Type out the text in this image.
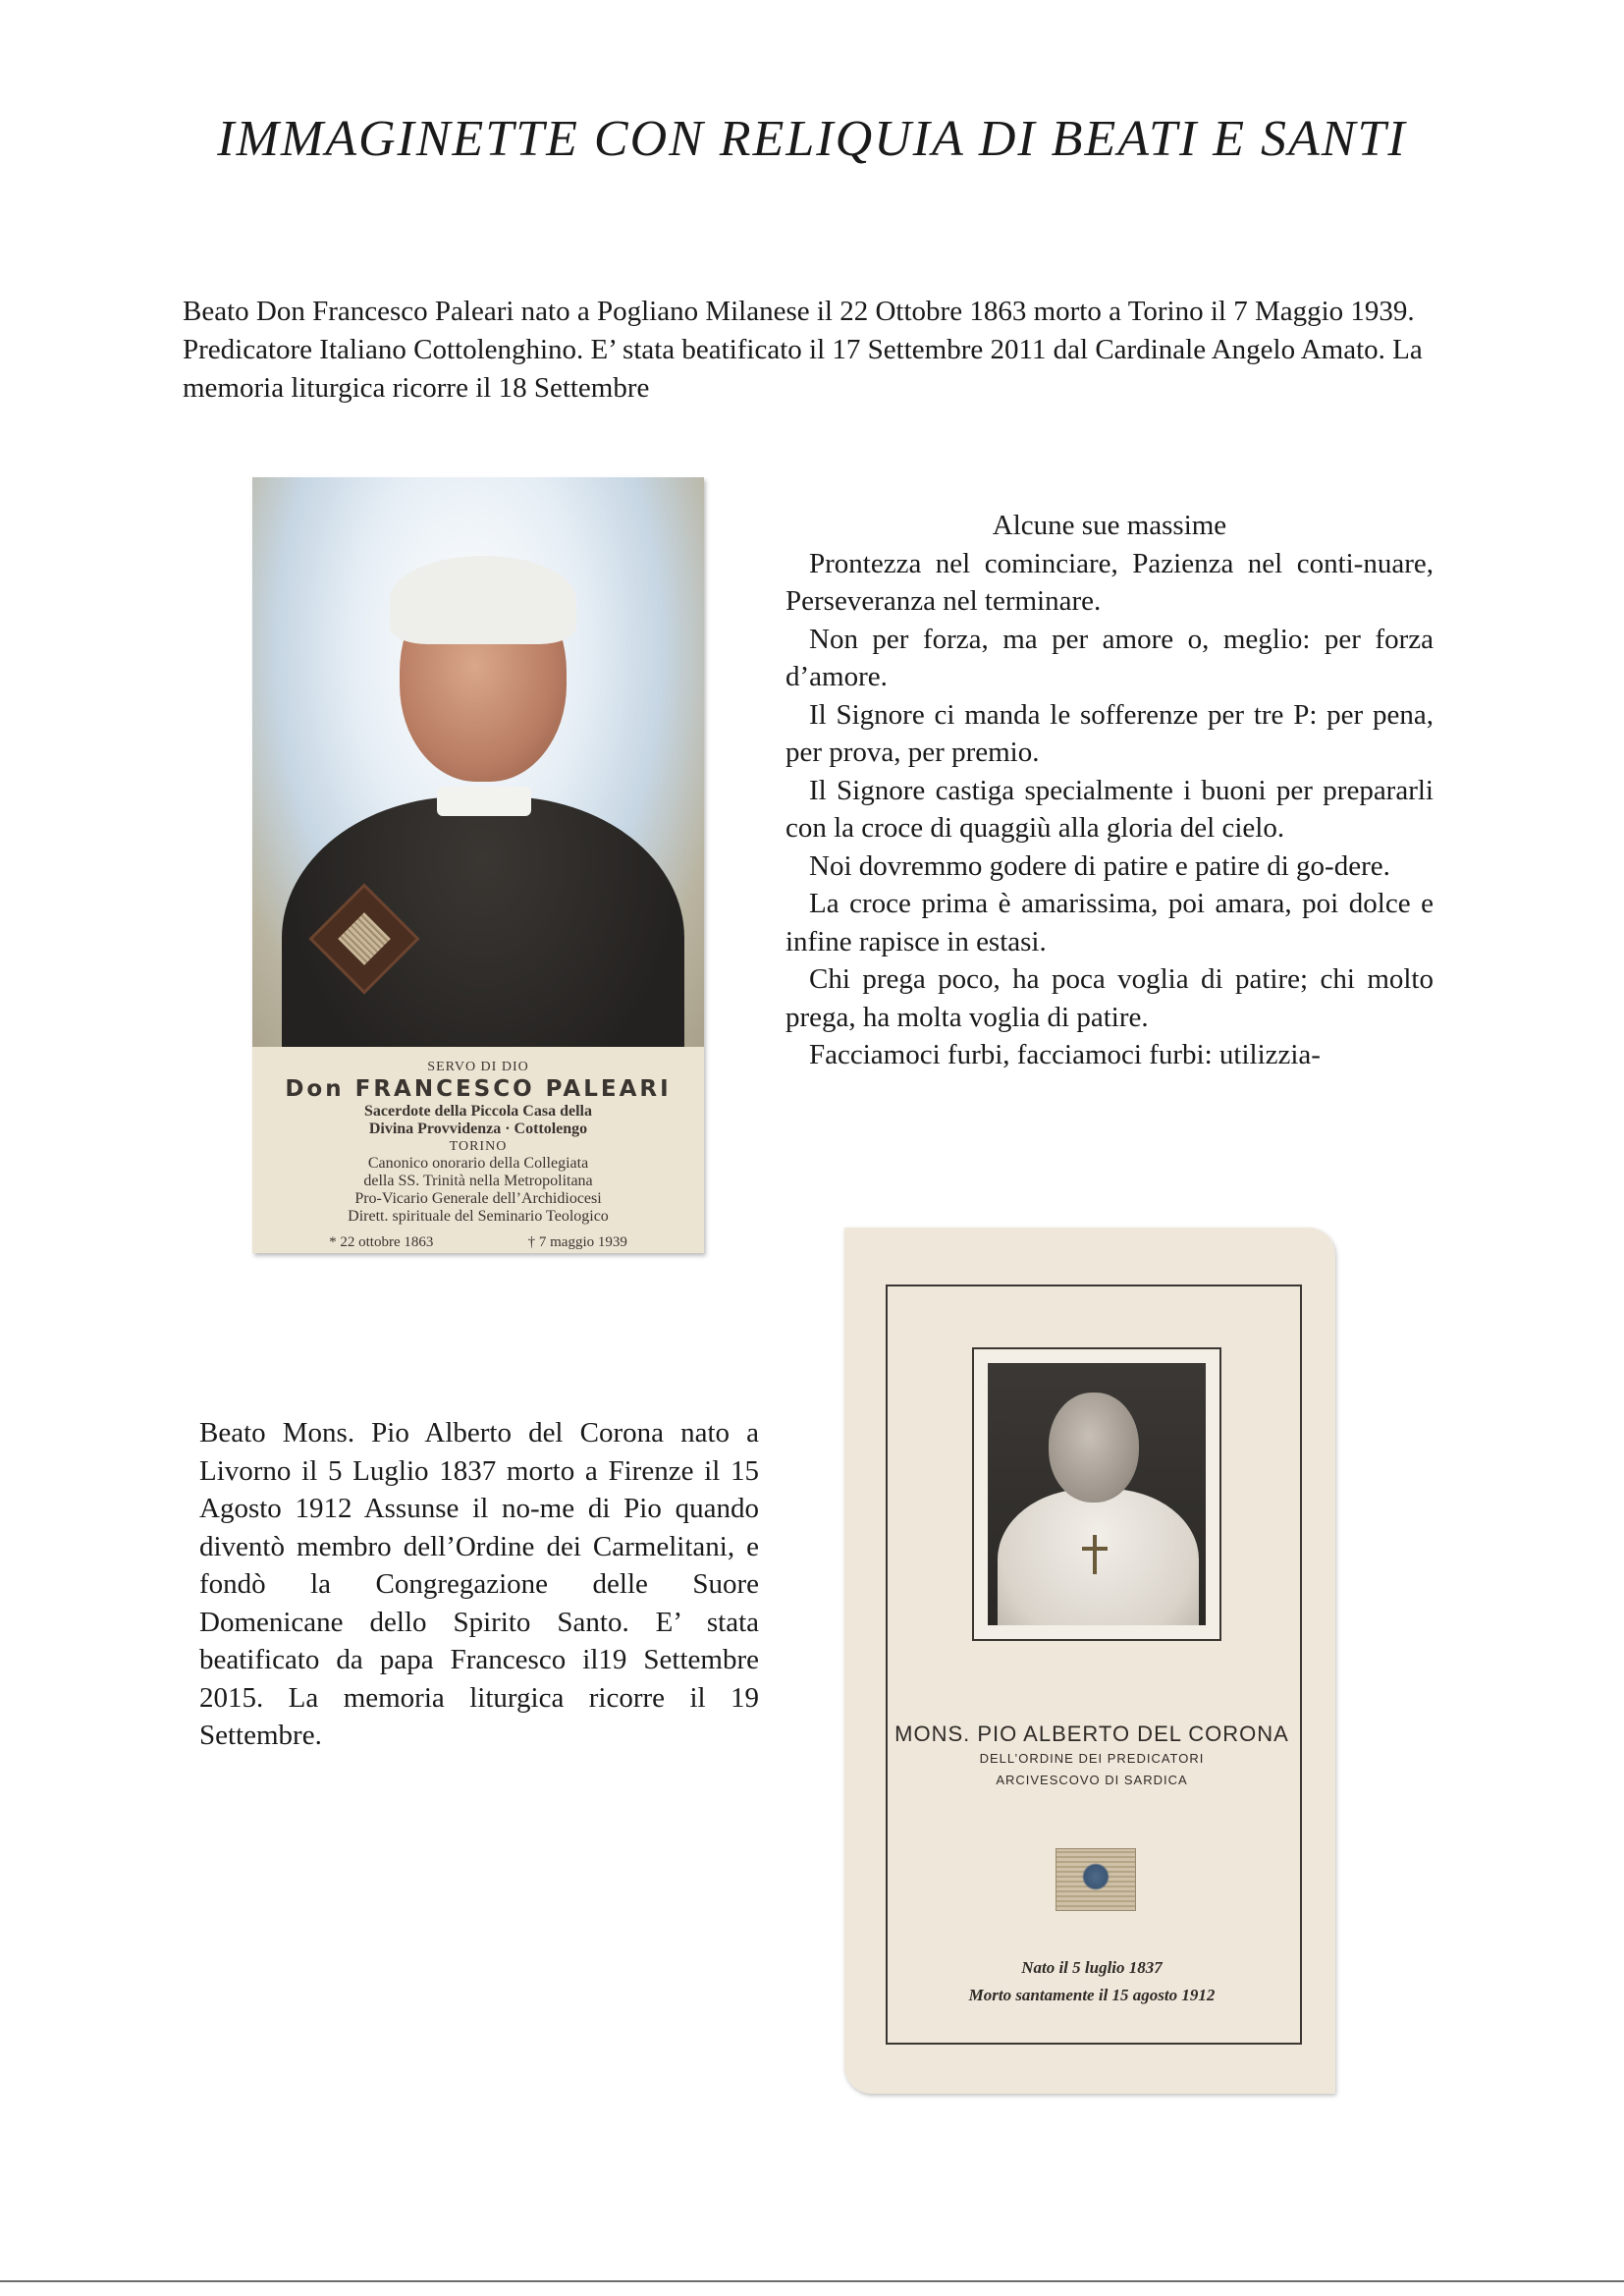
IMMAGINETTE CON RELIQUIA DI BEATI E SANTI

Beato Don Francesco Paleari nato a Pogliano Milanese il 22 Ottobre 1863 morto a Torino il 7 Maggio 1939. Predicatore Italiano Cottolenghino. E’ stata beatificato il 17 Settembre 2011 dal Cardinale Angelo Amato. La memoria liturgica ricorre il 18 Settembre

SERVO DI DIO
Don FRANCESCO PALEARI
Sacerdote della Piccola Casa della
Divina Provvidenza · Cottolengo
TORINO
Canonico onorario della Collegiata
della SS. Trinità nella Metropolitana
Pro-Vicario Generale dell’Archidiocesi
Dirett. spirituale del Seminario Teologico
* 22 ottobre 1863	† 7 maggio 1939

Alcune sue massime

Prontezza nel cominciare, Pazienza nel conti-nuare, Perseveranza nel terminare.

Non per forza, ma per amore o, meglio: per forza d’amore.

Il Signore ci manda le sofferenze per tre P: per pena, per prova, per premio.

Il Signore castiga specialmente i buoni per prepararli con la croce di quaggiù alla gloria del cielo.

Noi dovremmo godere di patire e patire di go-dere.

La croce prima è amarissima, poi amara, poi dolce e infine rapisce in estasi.

Chi prega poco, ha poca voglia di patire; chi molto prega, ha molta voglia di patire.

Facciamoci furbi, facciamoci furbi: utilizzia-

Beato Mons. Pio Alberto del Corona nato a Livorno il 5 Luglio 1837 morto a Firenze il 15 Agosto 1912 Assunse il no-me di Pio quando diventò membro dell’Ordine dei Carmelitani, e fondò la Congregazione delle Suore Domenicane dello Spirito Santo. E’ stata beatificato da papa Francesco il19 Settembre 2015. La memoria liturgica ricorre il 19 Settembre.	MONS. PIO ALBERTO DEL CORONA
DELL’ORDINE DEI PREDICATORI
ARCIVESCOVO DI SARDICA
Nato il 5 luglio 1837
Morto santamente il 15 agosto 1912
